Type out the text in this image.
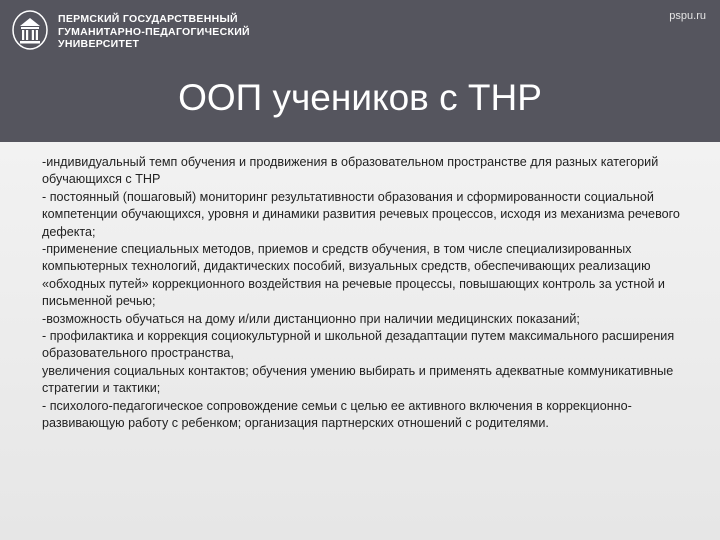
ПЕРМСКИЙ ГОСУДАРСТВЕННЫЙ
ГУМАНИТАРНО-ПЕДАГОГИЧЕСКИЙ
УНИВЕРСИТЕТ
pspu.ru
ООП учеников с ТНР

-индивидуальный темп обучения и продвижения в образовательном пространстве для разных категорий обучающихся с ТНР

- постоянный (пошаговый) мониторинг результативности образования и сформированности социальной компетенции обучающихся, уровня и динамики развития речевых процессов, исходя из механизма речевого дефекта;

-применение специальных методов, приемов и средств обучения, в том числе специализированных компьютерных технологий, дидактических пособий, визуальных средств, обеспечивающих реализацию «обходных путей» коррекционного воздействия на речевые процессы, повышающих контроль за устной и письменной речью;

-возможность обучаться на дому и/или дистанционно при наличии медицинских показаний;

- профилактика и коррекция социокультурной и школьной дезадаптации путем максимального расширения образовательного пространства,

увеличения социальных контактов; обучения умению выбирать и применять адекватные коммуникативные стратегии и тактики;

- психолого-педагогическое сопровождение семьи с целью ее активного включения в коррекционно-развивающую работу с ребенком; организация партнерских отношений с родителями.
